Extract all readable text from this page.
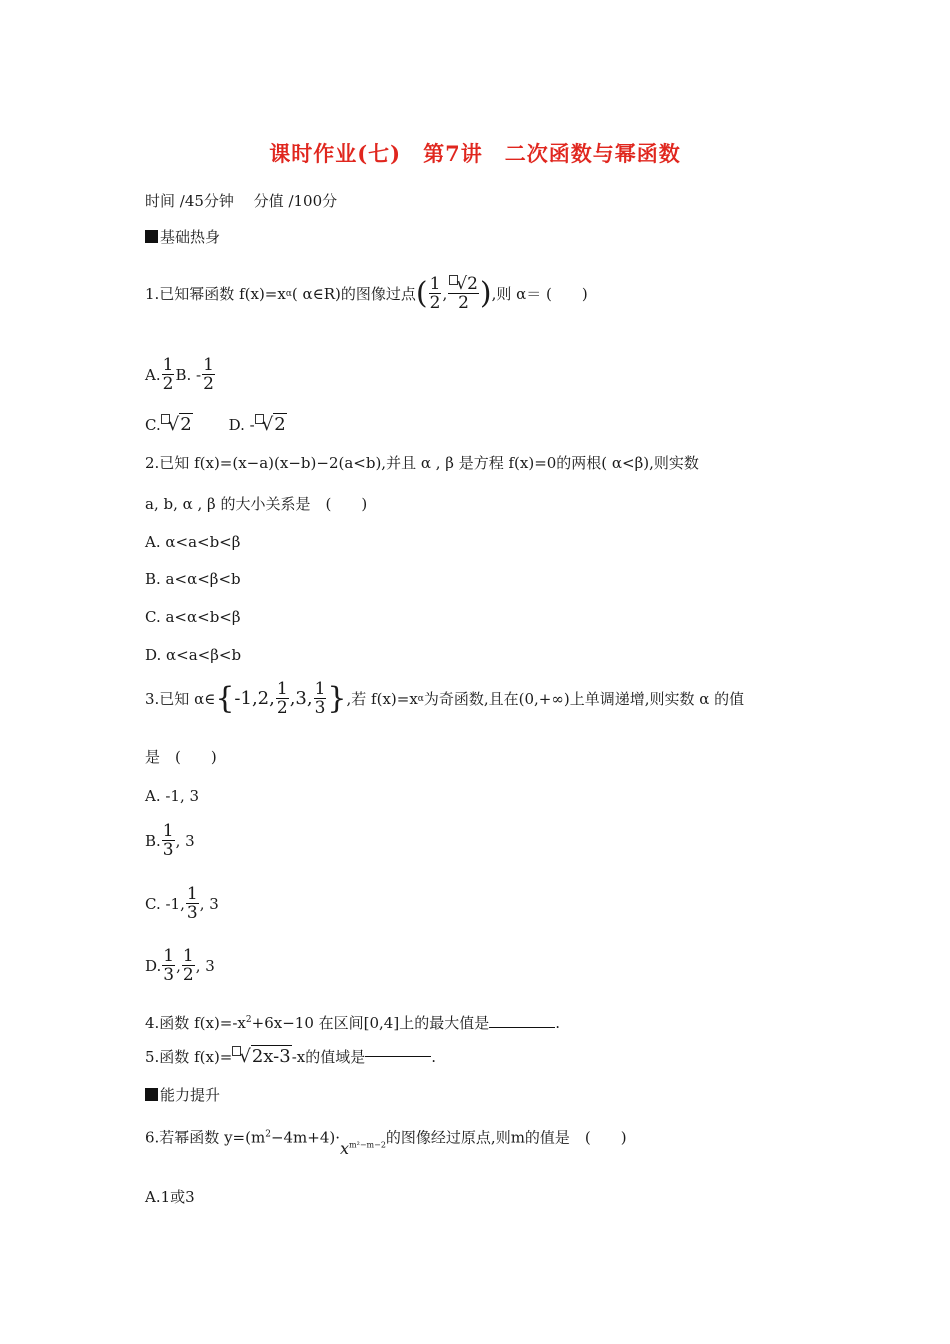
课时作业(七)　第7讲　二次函数与幂函数
时间 ∕45分钟　 分值 ∕100分
基础热身
1.已知幂函数 f(x)=x α ( α∈R)的图像过点 ( $\frac{1}{2}$ , $\frac{√2}{2}$ ) ,则 α＝ (　　)
A. $\frac{1}{2} B$. - $\frac{1}{2}$
C. √2 D. - √2
2.已知 f(x)=(x−a)(x−b)−2(a<b),并且 α , β 是方程 f(x)=0的两根( α<β),则实数
a, b, α , β 的大小关系是　(　　)
A. α<a<b<β
B. a<α<β<b
C. a<α<b<β
D. α<a<β<b
3.已知 α∈ { -1,2, $\frac{1}{2} ,3$, $\frac{1}{3}$ } ,若 f(x)=x α 为奇函数,且在(0,+∞)上单调递增,则实数 α 的值
是　(　　)
A. -1, 3
B. $\frac{1}{3}$ , 3
C. -1, $\frac{1}{3}$ , 3
D. $\frac{1}{3}$ , $\frac{1}{2}$ , 3
4.函数 $f(x)=-x^2+6x-10$ 在区间[0,4]上的最大值是	.
5.函数 f(x)= √2x-3 -x的值域是	.
能力提升
6.若幂函数 $y=(m^2-4m+4)\cdot x^{m^2-m-2}$的图像经过原点,则m的值是　(　　)
A.1或3
